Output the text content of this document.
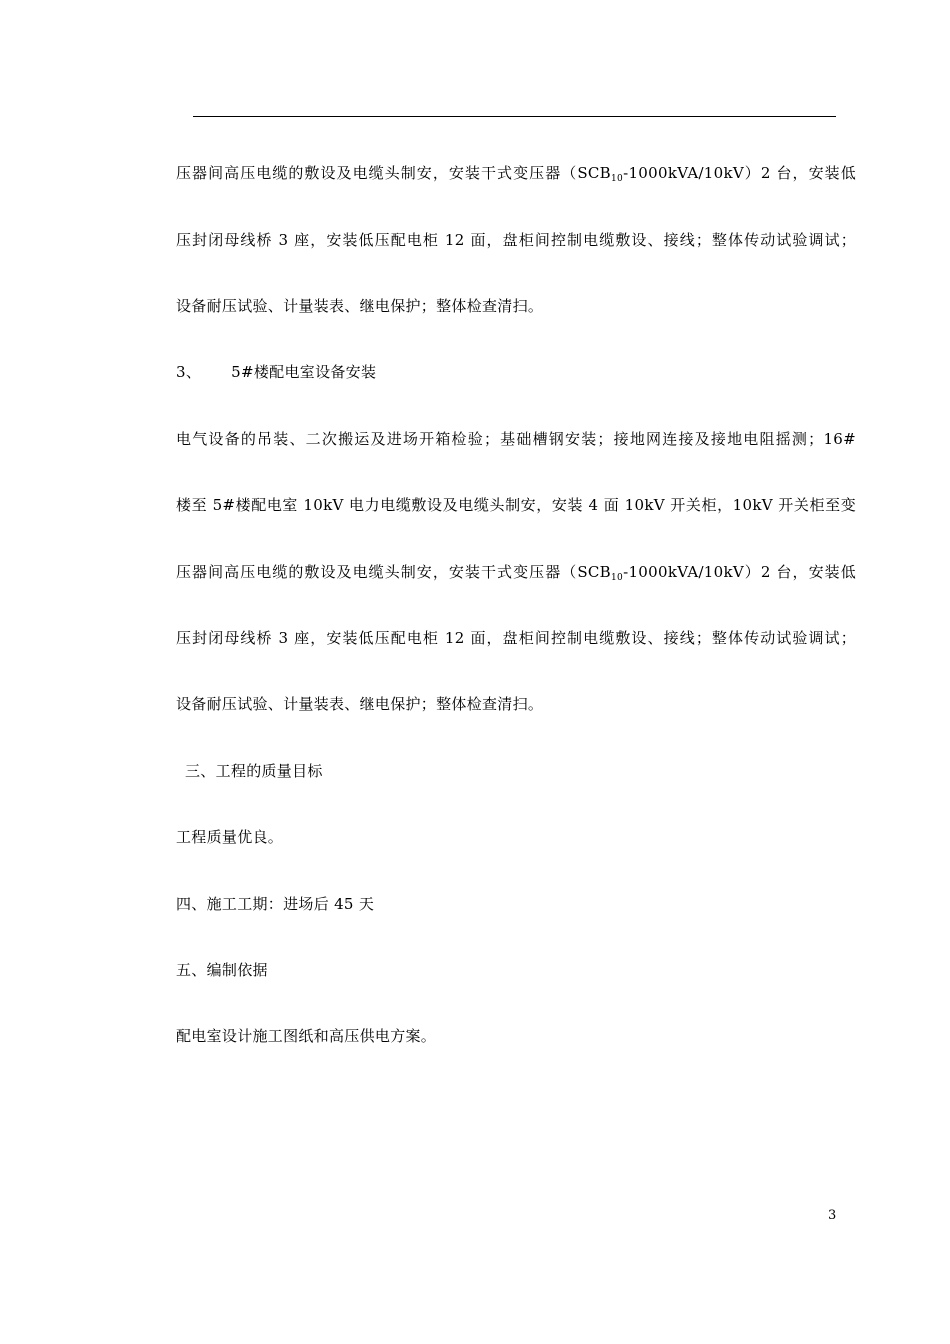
压器间高压电缆的敷设及电缆头制安，安装干式变压器$(SCB_{10}-1000kVA/10kV)2$ 台，安装低
压封闭母线桥 3 座，安装低压配电柜 12 面，盘柜间控制电缆敷设、接线；整体传动试验调试；
设备耐压试验、计量装表、继电保护；整体检查清扫。
3、 5#楼配电室设备安装
电气设备的吊装、二次搬运及进场开箱检验；基础槽钢安装；接地网连接及接地电阻摇测；16#
楼至 5#楼配电室 10kV 电力电缆敷设及电缆头制安，安装 4 面 10kV 开关柜，10kV 开关柜至变
压器间高压电缆的敷设及电缆头制安，安装干式变压器$(SCB_{10}-1000kVA/10kV)2$ 台，安装低
压封闭母线桥 3 座，安装低压配电柜 12 面，盘柜间控制电缆敷设、接线；整体传动试验调试；
设备耐压试验、计量装表、继电保护；整体检查清扫。
三、工程的质量目标
工程质量优良。
四、施工工期：进场后 45 天
五、编制依据
配电室设计施工图纸和高压供电方案。
3
